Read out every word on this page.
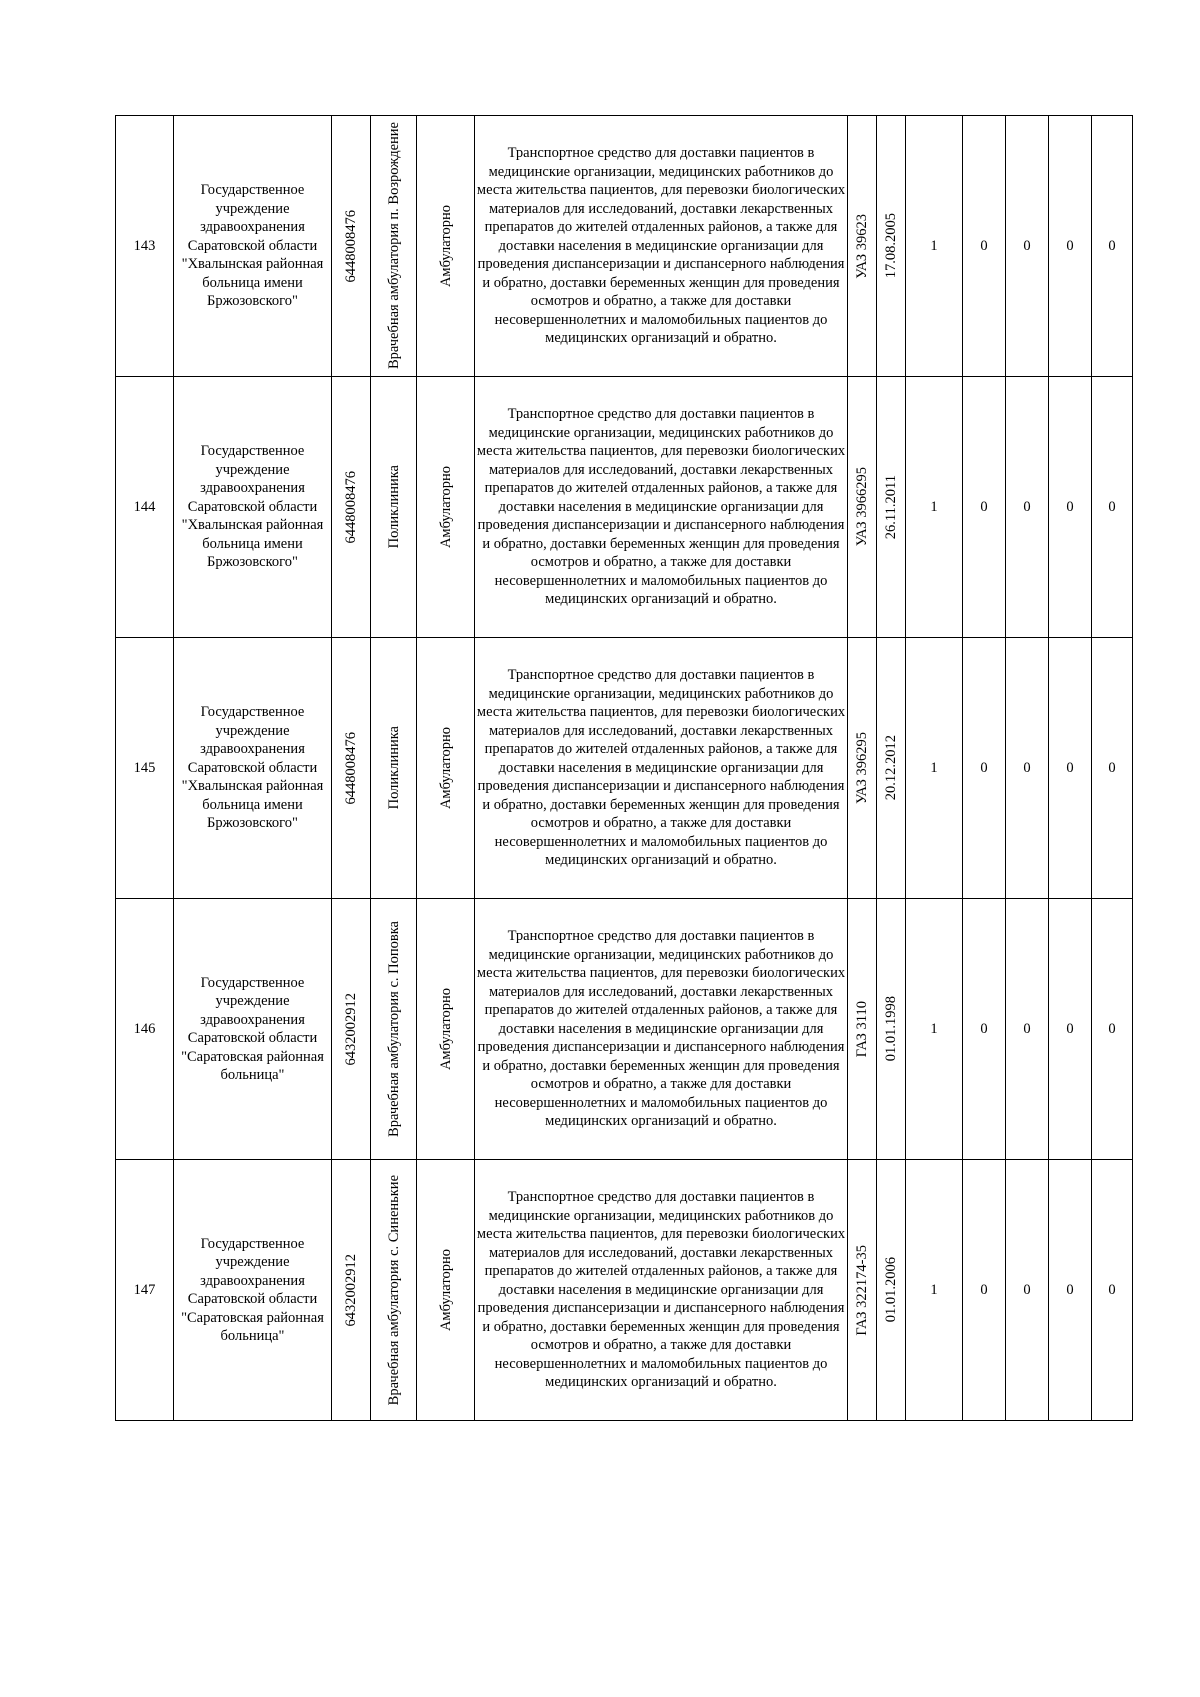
143	Государственное учреждение здравоохранения Саратовской области "Хвалынская районная больница имени Бржозовского"	6448008476	Врачебная амбулатория п. Возрождение	Амбулаторно	Транспортное средство для доставки пациентов в медицинские организации, медицинских работников до места жительства пациентов, для перевозки биологических материалов для исследований, доставки лекарственных препаратов до жителей отдаленных районов, а также для доставки населения в медицинские организации для проведения диспансеризации и диспансерного наблюдения и обратно, доставки беременных женщин для проведения осмотров и обратно, а также для доставки несовершеннолетних и маломобильных пациентов до медицинских организаций и обратно.	УАЗ 39623	17.08.2005	1	0	0	0	0
144	Государственное учреждение здравоохранения Саратовской области "Хвалынская районная больница имени Бржозовского"	6448008476	Поликлиника	Амбулаторно	Транспортное средство для доставки пациентов в медицинские организации, медицинских работников до места жительства пациентов, для перевозки биологических материалов для исследований, доставки лекарственных препаратов до жителей отдаленных районов, а также для доставки населения в медицинские организации для проведения диспансеризации и диспансерного наблюдения и обратно, доставки беременных женщин для проведения осмотров и обратно, а также для доставки несовершеннолетних и маломобильных пациентов до медицинских организаций и обратно.	УАЗ 3966295	26.11.2011	1	0	0	0	0
145	Государственное учреждение здравоохранения Саратовской области "Хвалынская районная больница имени Бржозовского"	6448008476	Поликлиника	Амбулаторно	Транспортное средство для доставки пациентов в медицинские организации, медицинских работников до места жительства пациентов, для перевозки биологических материалов для исследований, доставки лекарственных препаратов до жителей отдаленных районов, а также для доставки населения в медицинские организации для проведения диспансеризации и диспансерного наблюдения и обратно, доставки беременных женщин для проведения осмотров и обратно, а также для доставки несовершеннолетних и маломобильных пациентов до медицинских организаций и обратно.	УАЗ 396295	20.12.2012	1	0	0	0	0
146	Государственное учреждение здравоохранения Саратовской области "Саратовская районная больница"	6432002912	Врачебная амбулатория с. Поповка	Амбулаторно	Транспортное средство для доставки пациентов в медицинские организации, медицинских работников до места жительства пациентов, для перевозки биологических материалов для исследований, доставки лекарственных препаратов до жителей отдаленных районов, а также для доставки населения в медицинские организации для проведения диспансеризации и диспансерного наблюдения и обратно, доставки беременных женщин для проведения осмотров и обратно, а также для доставки несовершеннолетних и маломобильных пациентов до медицинских организаций и обратно.	ГАЗ 3110	01.01.1998	1	0	0	0	0
147	Государственное учреждение здравоохранения Саратовской области "Саратовская районная больница"	6432002912	Врачебная амбулатория с. Синенькие	Амбулаторно	Транспортное средство для доставки пациентов в медицинские организации, медицинских работников до места жительства пациентов, для перевозки биологических материалов для исследований, доставки лекарственных препаратов до жителей отдаленных районов, а также для доставки населения в медицинские организации для проведения диспансеризации и диспансерного наблюдения и обратно, доставки беременных женщин для проведения осмотров и обратно, а также для доставки несовершеннолетних и маломобильных пациентов до медицинских организаций и обратно.	ГАЗ 322174-35	01.01.2006	1	0	0	0	0
